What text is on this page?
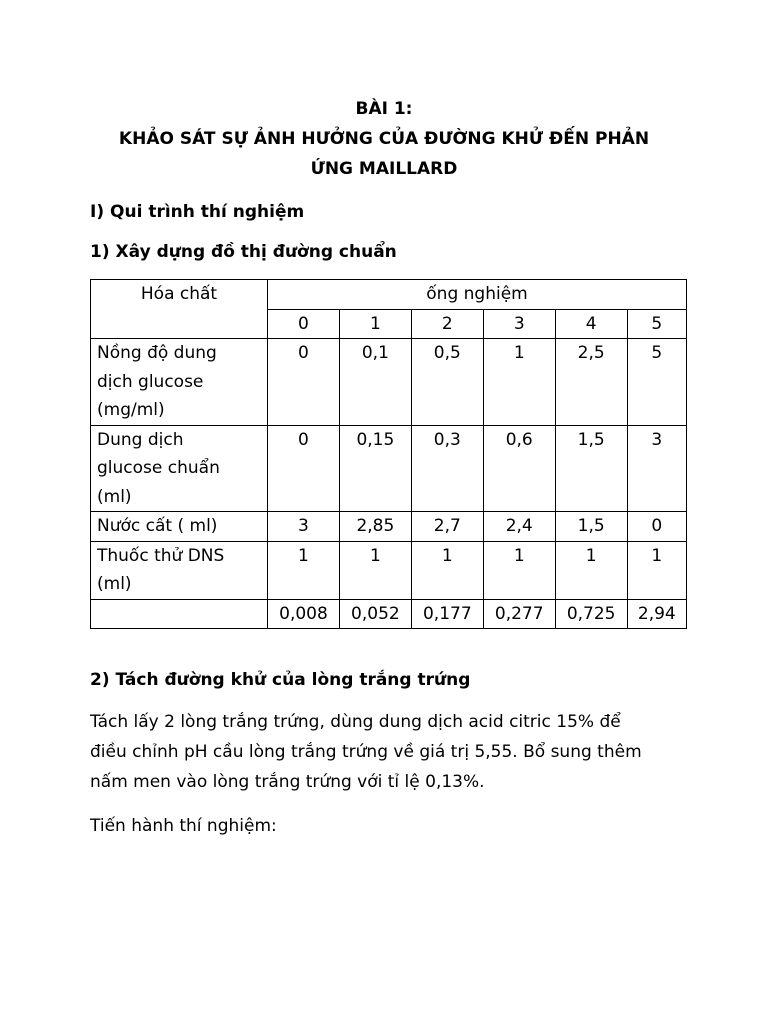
BÀI 1:
KHẢO SÁT SỰ ẢNH HƯỞNG CỦA ĐƯỜNG KHỬ ĐẾN PHẢN
ỨNG MAILLARD
I) Qui trình thí nghiệm
1) Xây dựng đồ thị đường chuẩn
Hóa chất	ống nghiệm					
	0	1	2	3	4	5

Nồng độ dung
dịch glucose
(mg/ml)	0	0,1	0,5	1	2,5	5

Dung dịch
glucose chuẩn
(ml)	0	0,15	0,3	0,6	1,5	3

Nước cất ( ml)	3	2,85	2,7	2,4	1,5	0

Thuốc thử DNS
(ml)	1	1	1	1	1	1

	0,008	0,052	0,177	0,277	0,725	2,94
2) Tách đường khử của lòng trắng trứng
Tách lấy 2 lòng trắng trứng, dùng dung dịch acid citric 15% để
điều chỉnh pH cầu lòng trắng trứng về giá trị 5,55. Bổ sung thêm
nấm men vào lòng trắng trứng với tỉ lệ 0,13%.
Tiến hành thí nghiệm:
